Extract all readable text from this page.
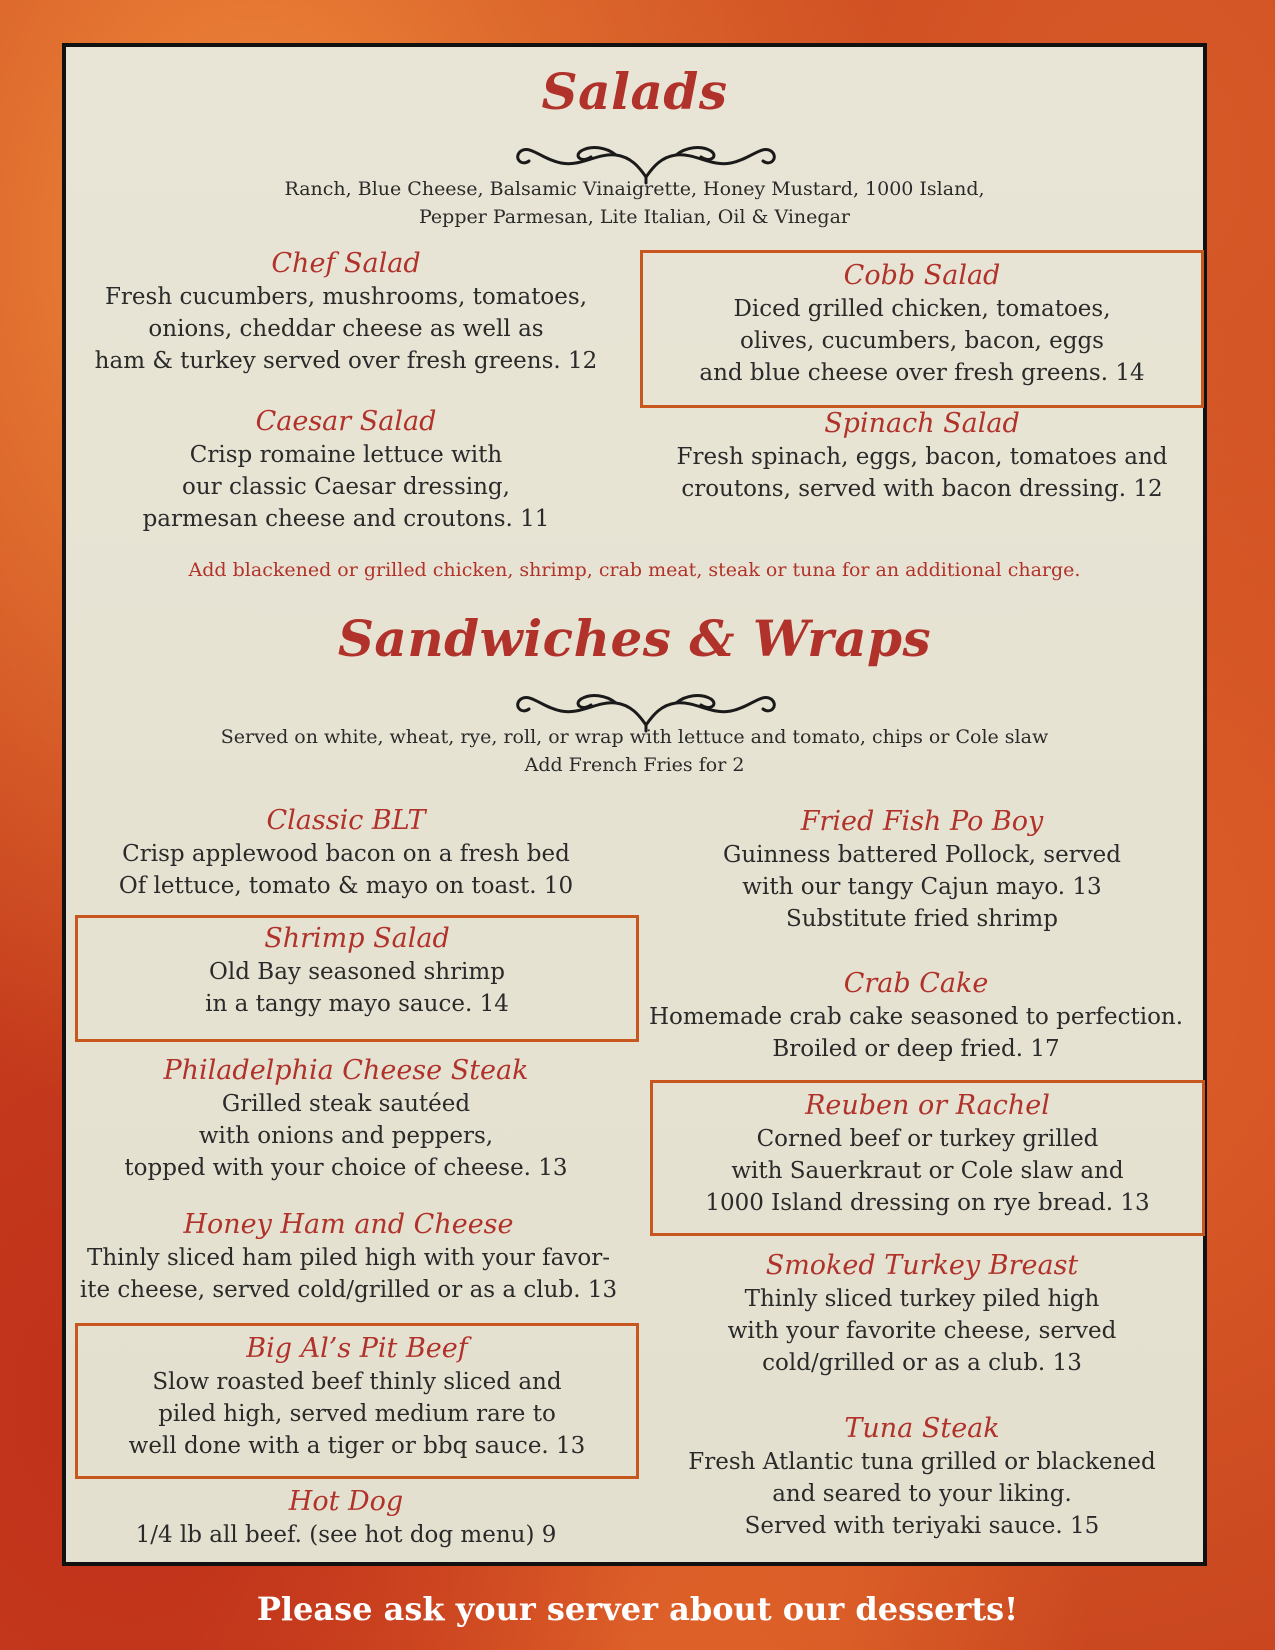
Salads
Ranch, Blue Cheese, Balsamic Vinaigrette, Honey Mustard, 1000 Island,
Pepper Parmesan, Lite Italian, Oil & Vinegar
Chef Salad
Fresh cucumbers, mushrooms, tomatoes,
onions, cheddar cheese as well as
ham & turkey served over fresh greens. 12
Cobb Salad
Diced grilled chicken, tomatoes,
olives, cucumbers, bacon, eggs
and blue cheese over fresh greens. 14
Caesar Salad
Crisp romaine lettuce with
our classic Caesar dressing,
parmesan cheese and croutons. 11
Spinach Salad
Fresh spinach, eggs, bacon, tomatoes and
croutons, served with bacon dressing. 12
Add blackened or grilled chicken, shrimp, crab meat, steak or tuna for an additional charge.
Sandwiches & Wraps
Served on white, wheat, rye, roll, or wrap with lettuce and tomato, chips or Cole slaw
Add French Fries for 2
Classic BLT
Crisp applewood bacon on a fresh bed
Of lettuce, tomato & mayo on toast. 10
Shrimp Salad
Old Bay seasoned shrimp
in a tangy mayo sauce. 14
Philadelphia Cheese Steak
Grilled steak sautéed
with onions and peppers,
topped with your choice of cheese. 13
Honey Ham and Cheese
Thinly sliced ham piled high with your favor-
ite cheese, served cold/grilled or as a club. 13
Big Al’s Pit Beef
Slow roasted beef thinly sliced and
piled high, served medium rare to
well done with a tiger or bbq sauce. 13
Hot Dog
1/4 lb all beef. (see hot dog menu) 9
Fried Fish Po Boy
Guinness battered Pollock, served
with our tangy Cajun mayo. 13
Substitute fried shrimp
Crab Cake
Homemade crab cake seasoned to perfection.
Broiled or deep fried. 17
Reuben or Rachel
Corned beef or turkey grilled
with Sauerkraut or Cole slaw and
1000 Island dressing on rye bread. 13
Smoked Turkey Breast
Thinly sliced turkey piled high
with your favorite cheese, served
cold/grilled or as a club. 13
Tuna Steak
Fresh Atlantic tuna grilled or blackened
and seared to your liking.
Served with teriyaki sauce. 15
Please ask your server about our desserts!
